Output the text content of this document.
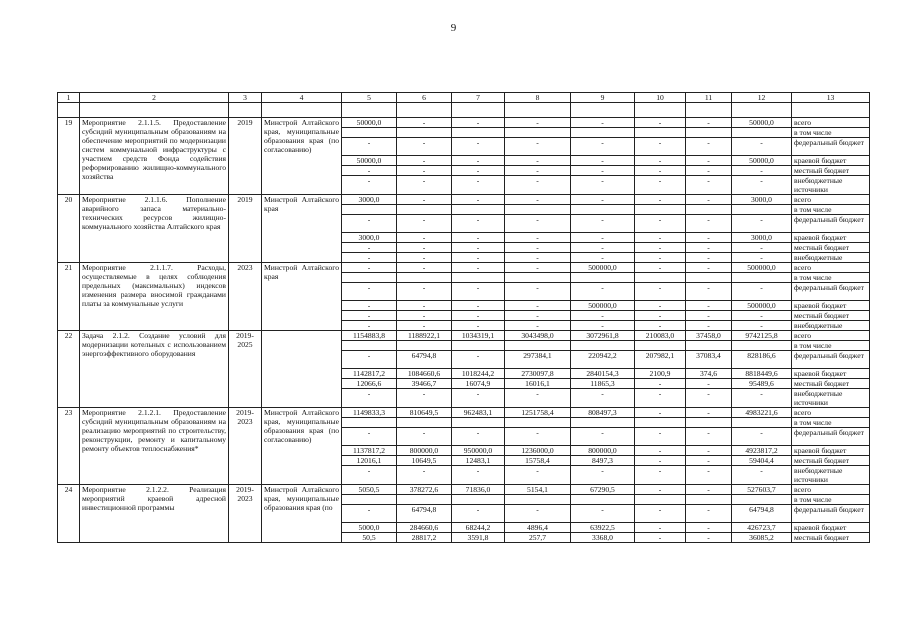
9
1	2	3	4	5	6	7	8	9	10	11	12	13

19	Мероприятие 2.1.1.5. Предоставление субсидий муниципальным образованиям на обеспечение мероприятий по модернизации систем коммунальной инфраструктуры с участием средств Фонда содействия реформированию жилищно-коммунального хозяйства	2019	Минстрой Алтайского края, муниципальные образования края (по согласованию)	50000,0	-	-	-	-	-	-	50000,0	всего
												в том числе
				-	-	-	-	-	-	-	-	федеральный бюджет
				50000,0	-	-	-	-	-	-	50000,0	краевой бюджет
				-	-	-	-	-	-	-	-	местный бюджет
				-	-	-	-	-	-	-	-	внебюджетные источники
20	Мероприятие 2.1.1.6. Пополнение аварийного запаса материально-технических ресурсов жилищно-коммунального хозяйства Алтайского края	2019	Минстрой Алтайского края	3000,0	-	-	-	-	-	-	3000,0	всего
												в том числе
				-	-	-	-	-	-	-	-	федеральный бюджет
				3000,0	-	-	-	-	-	-	3000,0	краевой бюджет
				-	-	-	-	-	-	-	-	местный бюджет
				-	-	-	-	-	-	-	-	внебюджетные
21	Мероприятие 2.1.1.7. Расходы, осуществляемые в целях соблюдения предельных (максимальных) индексов изменения размера вносимой гражданами платы за коммунальные услуги	2023	Минстрой Алтайского края	-	-	-	-	500000,0	-	-	500000,0	всего
												в том числе
				-	-	-	-	-	-	-	-	федеральный бюджет
				-	-	-	-	500000,0	-	-	500000,0	краевой бюджет
				-	-	-	-	-	-	-	-	местный бюджет
				-	-	-	-	-	-	-	-	внебюджетные
22	Задача 2.1.2. Создание условий для модернизации котельных с использованием энергоэффективного оборудования	2019-2025		1154883,8	1188922,1	1034319,1	3043498,0	3072961,8	210083,0	37458,0	9742125,8	всего
												в том числе
				-	64794,8	-	297384,1	220942,2	207982,1	37083,4	828186,6	федеральный бюджет
				1142817,2	1084660,6	1018244,2	2730097,8	2840154,3	2100,9	374,6	8818449,6	краевой бюджет
				12066,6	39466,7	16074,9	16016,1	11865,3	-	-	95489,6	местный бюджет
				-	-	-	-	-	-	-	-	внебюджетные источники
23	Мероприятие 2.1.2.1. Предоставление субсидий муниципальным образованиям на реализацию мероприятий по строительству, реконструкции, ремонту и капитальному ремонту объектов теплоснабжения*	2019-2023	Минстрой Алтайского края, муниципальные образования края (по согласованию)	1149833,3	810649,5	962483,1	1251758,4	808497,3	-	-	4983221,6	всего
												в том числе
				-	-	-	-	-	-	-	-	федеральный бюджет
				1137817,2	800000,0	950000,0	1236000,0	800000,0	-	-	4923817,2	краевой бюджет
				12016,1	10649,5	12483,1	15758,4	8497,3	-	-	59404,4	местный бюджет
				-	-	-	-	-	-	-	-	внебюджетные источники
24	Мероприятие 2.1.2.2. Реализация мероприятий краевой адресной инвестиционной программы	2019-2023	Минстрой Алтайского края, муниципальные образования края (по	5050,5	378272,6	71836,0	5154,1	67290,5	-	-	527603,7	всего
												в том числе
				-	64794,8	-	-	-	-	-	64794,8	федеральный бюджет
				5000,0	284660,6	68244,2	4896,4	63922,5	-	-	426723,7	краевой бюджет
				50,5	28817,2	3591,8	257,7	3368,0	-	-	36085,2	местный бюджет
